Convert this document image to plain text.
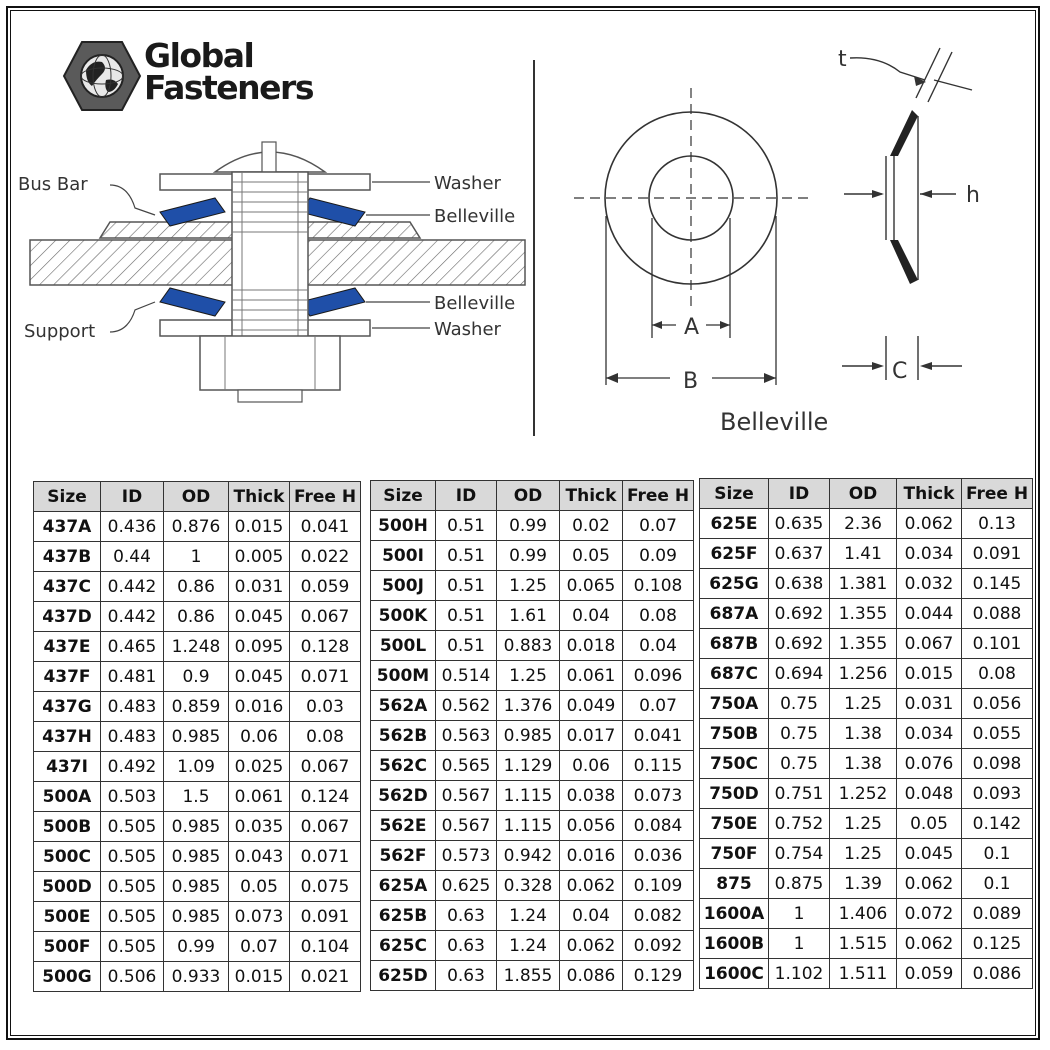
Global
Fasteners
Bus Bar
Support
Washer
Belleville
Belleville
Washer	A
B
t
h
C
Belleville
Size	ID	OD	Thick	Free H
437A	0.436	0.876	0.015	0.041
437B	0.44	1	0.005	0.022
437C	0.442	0.86	0.031	0.059
437D	0.442	0.86	0.045	0.067
437E	0.465	1.248	0.095	0.128
437F	0.481	0.9	0.045	0.071
437G	0.483	0.859	0.016	0.03
437H	0.483	0.985	0.06	0.08
437I	0.492	1.09	0.025	0.067
500A	0.503	1.5	0.061	0.124
500B	0.505	0.985	0.035	0.067
500C	0.505	0.985	0.043	0.071
500D	0.505	0.985	0.05	0.075
500E	0.505	0.985	0.073	0.091
500F	0.505	0.99	0.07	0.104
500G	0.506	0.933	0.015	0.021
Size	ID	OD	Thick	Free H
500H	0.51	0.99	0.02	0.07
500I	0.51	0.99	0.05	0.09
500J	0.51	1.25	0.065	0.108
500K	0.51	1.61	0.04	0.08
500L	0.51	0.883	0.018	0.04
500M	0.514	1.25	0.061	0.096
562A	0.562	1.376	0.049	0.07
562B	0.563	0.985	0.017	0.041
562C	0.565	1.129	0.06	0.115
562D	0.567	1.115	0.038	0.073
562E	0.567	1.115	0.056	0.084
562F	0.573	0.942	0.016	0.036
625A	0.625	0.328	0.062	0.109
625B	0.63	1.24	0.04	0.082
625C	0.63	1.24	0.062	0.092
625D	0.63	1.855	0.086	0.129
Size	ID	OD	Thick	Free H
625E	0.635	2.36	0.062	0.13
625F	0.637	1.41	0.034	0.091
625G	0.638	1.381	0.032	0.145
687A	0.692	1.355	0.044	0.088
687B	0.692	1.355	0.067	0.101
687C	0.694	1.256	0.015	0.08
750A	0.75	1.25	0.031	0.056
750B	0.75	1.38	0.034	0.055
750C	0.75	1.38	0.076	0.098
750D	0.751	1.252	0.048	0.093
750E	0.752	1.25	0.05	0.142
750F	0.754	1.25	0.045	0.1
875	0.875	1.39	0.062	0.1
1600A	1	1.406	0.072	0.089
1600B	1	1.515	0.062	0.125
1600C	1.102	1.511	0.059	0.086
